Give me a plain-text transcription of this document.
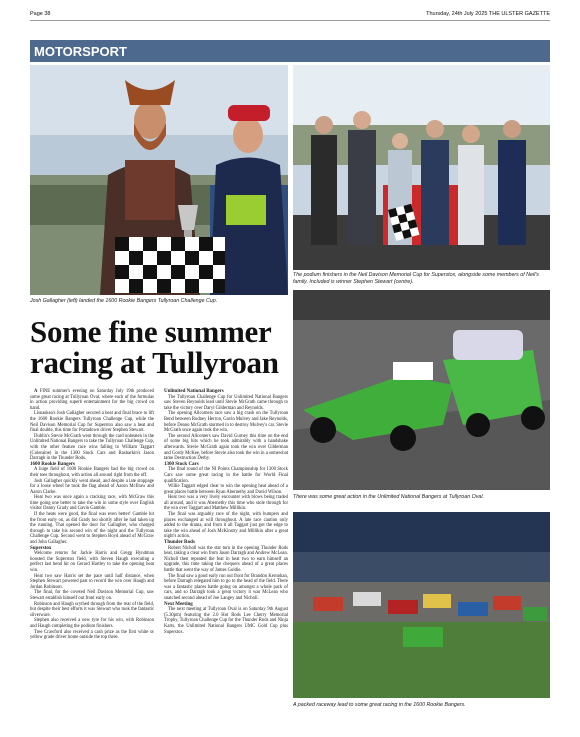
Page 38	Thursday, 24th July 2025 THE ULSTER GAZETTE
MOTORSPORT
Josh Gallagher (left) landed the 1600 Rookie Bangers Tullyroan Challenge Cup.
The podium finishers in the Neil Davison Memorial Cup for Superstox, alongside some members of Neil's family. Included is winner Stephen Stewart (centre).
There was some great action in the Unlimited National Bangers at Tullyroan Oval.
A packed raceway lead to some great racing in the 1600 Rookie Bangers.
Some fine summer racing at Tullyroan

A FINE summer's evening on Saturday July 19th produced some great racing at Tullyroan Oval, where each of the formulas in action providing superb entertainment for the big crowd on hand.

Lisnaskea's Josh Gallagher secured a heat and final brace to lift the 1600 Rookie Bangers Tullyroan Challenge Cup, while the Neil Davison Memorial Cup for Superstox also saw a heat and final double, this time for Portadown driver Stephen Stewart.

Dublin's Stevie McGrath went through the card unbeaten in the Unlimited National Bangers to take the Tullyroan Challenge Cup, with the other feature race wins falling to William Taggart (Coleraine) in the 1300 Stock Cars and Rasharkin's Jason Darragh in the Thunder Rods.

1600 Rookie Bangers

A huge field of 1600 Rookie Bangers had the big crowd on their toes throughout, with action all around right from the off.

Josh Gallagher quickly went ahead, and despite a late stoppage for a loose wheel he took the flag ahead of Aaron McIlraw and Aaron Clarke.

Heat two was once again a cracking race, with McGraw this time going one better to take the win in some style over English visitor Danny Grady and Gavin Gamble.

If the heats were good, the final was even better! Gamble hit the front early on, as did Grady too shortly after he had taken up the running. That opened the door for Gallagher, who charged through to take his second win of the night and the Tullyroan Challenge Cup. Second went to Stephen Boyd ahead of McGraw and John Gallagher.

Superstox

Welcome returns for Jackie Harris and Gregg Hyndman boosted the Superstox field, with Steven Haugh executing a perfect last bend hit on Gerard Hartley to take the opening heat win.

Heat two saw Harris set the pace until half distance, when Stephen Stewart powered past to record the win over Haugh and Jordan Robinson.

The final, for the coveted Neil Davison Memorial Cup, saw Stewart establish himself out front early on.

Robinson and Haugh scythed through from the rear of the field, but despite their best efforts it was Stewart who took the fantastic silverware.

Stephen also received a new tyre for his win, with Robinson and Haugh completing the podium finishers.

Tree Crawford also received a cash prize as the first white or yellow grade driver home outside the top three.

Unlimited National Bangers

The Tullyroan Challenge Cup for Unlimited National Bangers saw Steven Reynolds lead until Stevie McGrath came through to take the victory over Daryl Gilderman and Reynolds.

The opening Allcomers race saw a big crash on the Tullyroan Bend between Rodney Herron, Gavin Mulvey and Jake Reynolds, before Deano McGrath stormed in to destroy Mulvey's car. Stevie McGrath once again took the win.

The second Allcomers saw David Gurney this time on the end of some big hits which he took admirably with a handshake afterwards. Stevie McGrath again took the win over Gilderman and Gordy McKee, before Stevie also took the win in a somewhat tame Destruction Derby.

1300 Stock Cars

The final round of the NI Points Championship for 1300 Stock Cars saw some great racing in the battle for World Final qualification.

Willie Taggart edged clear to win the opening heat ahead of a great places battle between Ryan Abernethy and David Wilson.

Heat two was a very lively encounter with blows being traded all around, and it was Abernethy this time who stole through for the win over Taggart and Matthew Millikin.

The final was arguably race of the night, with bumpers and places exchanged at will throughout. A late race caution only added to the drama, and from it all Taggart just got the edge to take the win ahead of Josh McKinstry and Millikin after a great night's action.

Thunder Rods

Robert Nicholl was the star turn in the opening Thunder Rods heat, taking a clear win from Jason Darragh and Andrew McLean. Nicholl then repeated the feat in heat two to earn himself an upgrade, this time taking the chequers ahead of a great places battle that went the way of James Goldie.

The final saw a good early run out front for Brandon Kernohan, before Darragh relegated him to go to the head of the field. There was a fantastic places battle going on amongst a whole pack of cars, and so Darragh took a great victory it was McLean who snatched second ahead of Joe Langey and Nicholl.

Next Meeting

The next meeting at Tullyroan Oval is on Saturday 9th August (5.30pm) featuring the 2.0 Hot Rods Lee Cherry Memorial Trophy, Tullyroan Challenge Cup for the Thunder Rods and Ninja Karts, the Unlimited National Bangers UMC Gold Cup plus Superstox.
